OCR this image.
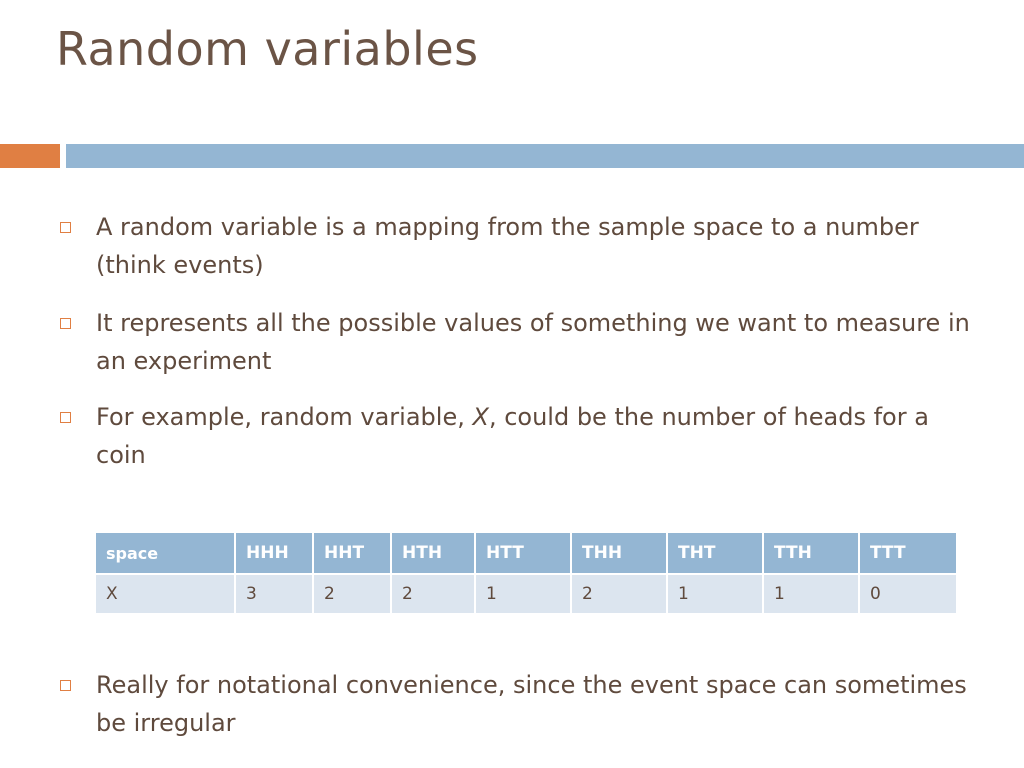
Random variables
A random variable is a mapping from the sample space to a number (think events)
It represents all the possible values of something we want to measure in an experiment
For example, random variable, X, could be the number of heads for a coin
space	HHH	HHT	HTH	HTT	THH	THT	TTH	TTT
X	3	2	2	1	2	1	1	0
Really for notational convenience, since the event space can sometimes be irregular
